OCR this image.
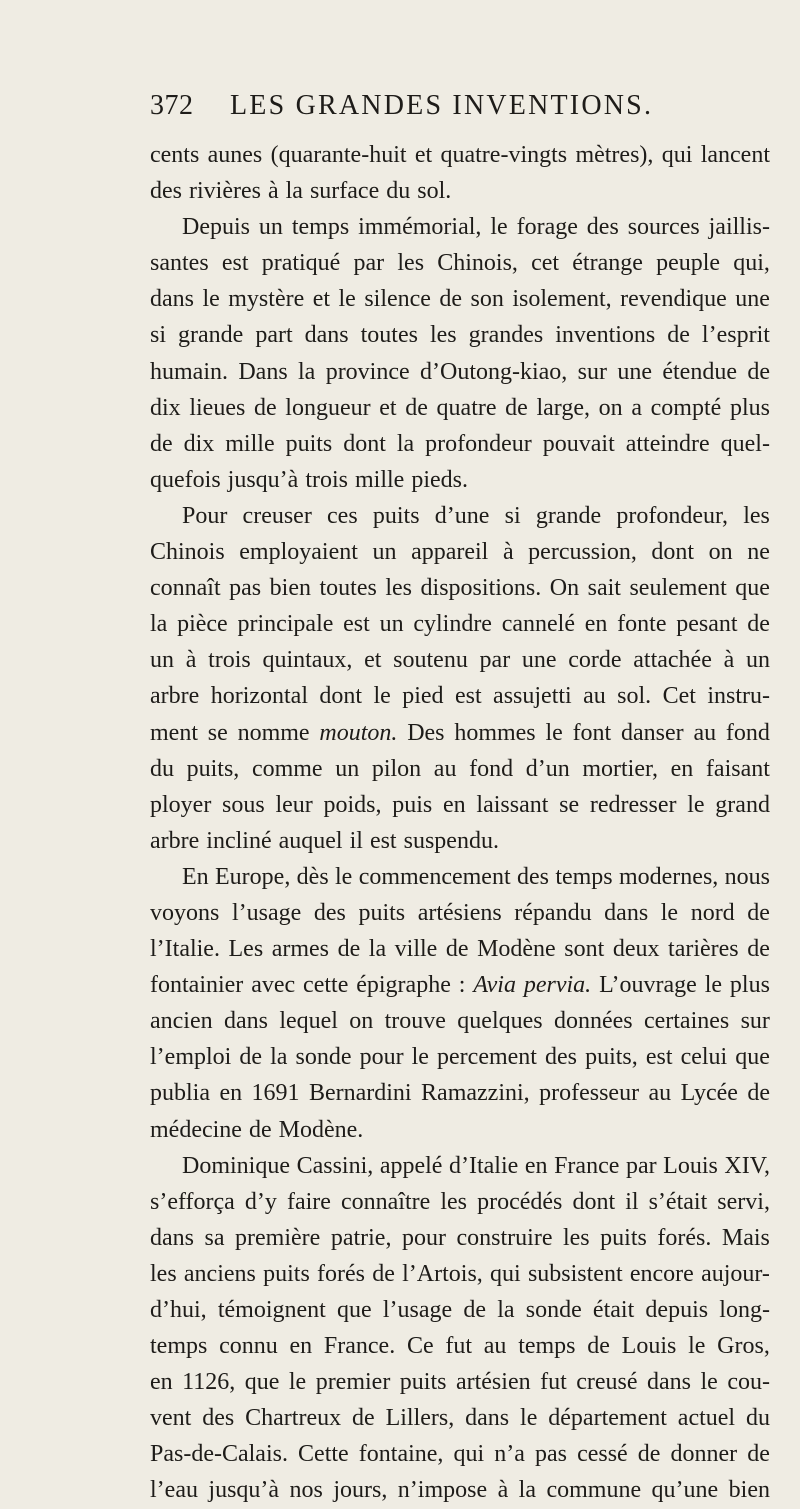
372 LES GRANDES INVENTIONS.
cents aunes (quarante-huit et quatre-vingts mètres), qui lancent
des rivières à la surface du sol.
Depuis un temps immémorial, le forage des sources jaillis-
santes est pratiqué par les Chinois, cet étrange peuple qui,
dans le mystère et le silence de son isolement, revendique une
si grande part dans toutes les grandes inventions de l’esprit
humain. Dans la province d’Outong-kiao, sur une étendue de
dix lieues de longueur et de quatre de large, on a compté plus
de dix mille puits dont la profondeur pouvait atteindre quel-
quefois jusqu’à trois mille pieds.
Pour creuser ces puits d’une si grande profondeur, les
Chinois employaient un appareil à percussion, dont on ne
connaît pas bien toutes les dispositions. On sait seulement que
la pièce principale est un cylindre cannelé en fonte pesant de
un à trois quintaux, et soutenu par une corde attachée à un
arbre horizontal dont le pied est assujetti au sol. Cet instru-
ment se nomme mouton. Des hommes le font danser au fond
du puits, comme un pilon au fond d’un mortier, en faisant
ployer sous leur poids, puis en laissant se redresser le grand
arbre incliné auquel il est suspendu.
En Europe, dès le commencement des temps modernes, nous
voyons l’usage des puits artésiens répandu dans le nord de
l’Italie. Les armes de la ville de Modène sont deux tarières de
fontainier avec cette épigraphe : Avia pervia. L’ouvrage le plus
ancien dans lequel on trouve quelques données certaines sur
l’emploi de la sonde pour le percement des puits, est celui que
publia en 1691 Bernardini Ramazzini, professeur au Lycée de
médecine de Modène.
Dominique Cassini, appelé d’Italie en France par Louis XIV,
s’efforça d’y faire connaître les procédés dont il s’était servi,
dans sa première patrie, pour construire les puits forés. Mais
les anciens puits forés de l’Artois, qui subsistent encore aujour-
d’hui, témoignent que l’usage de la sonde était depuis long-
temps connu en France. Ce fut au temps de Louis le Gros,
en 1126, que le premier puits artésien fut creusé dans le cou-
vent des Chartreux de Lillers, dans le département actuel du
Pas-de-Calais. Cette fontaine, qui n’a pas cessé de donner de
l’eau jusqu’à nos jours, n’impose à la commune qu’une bien
